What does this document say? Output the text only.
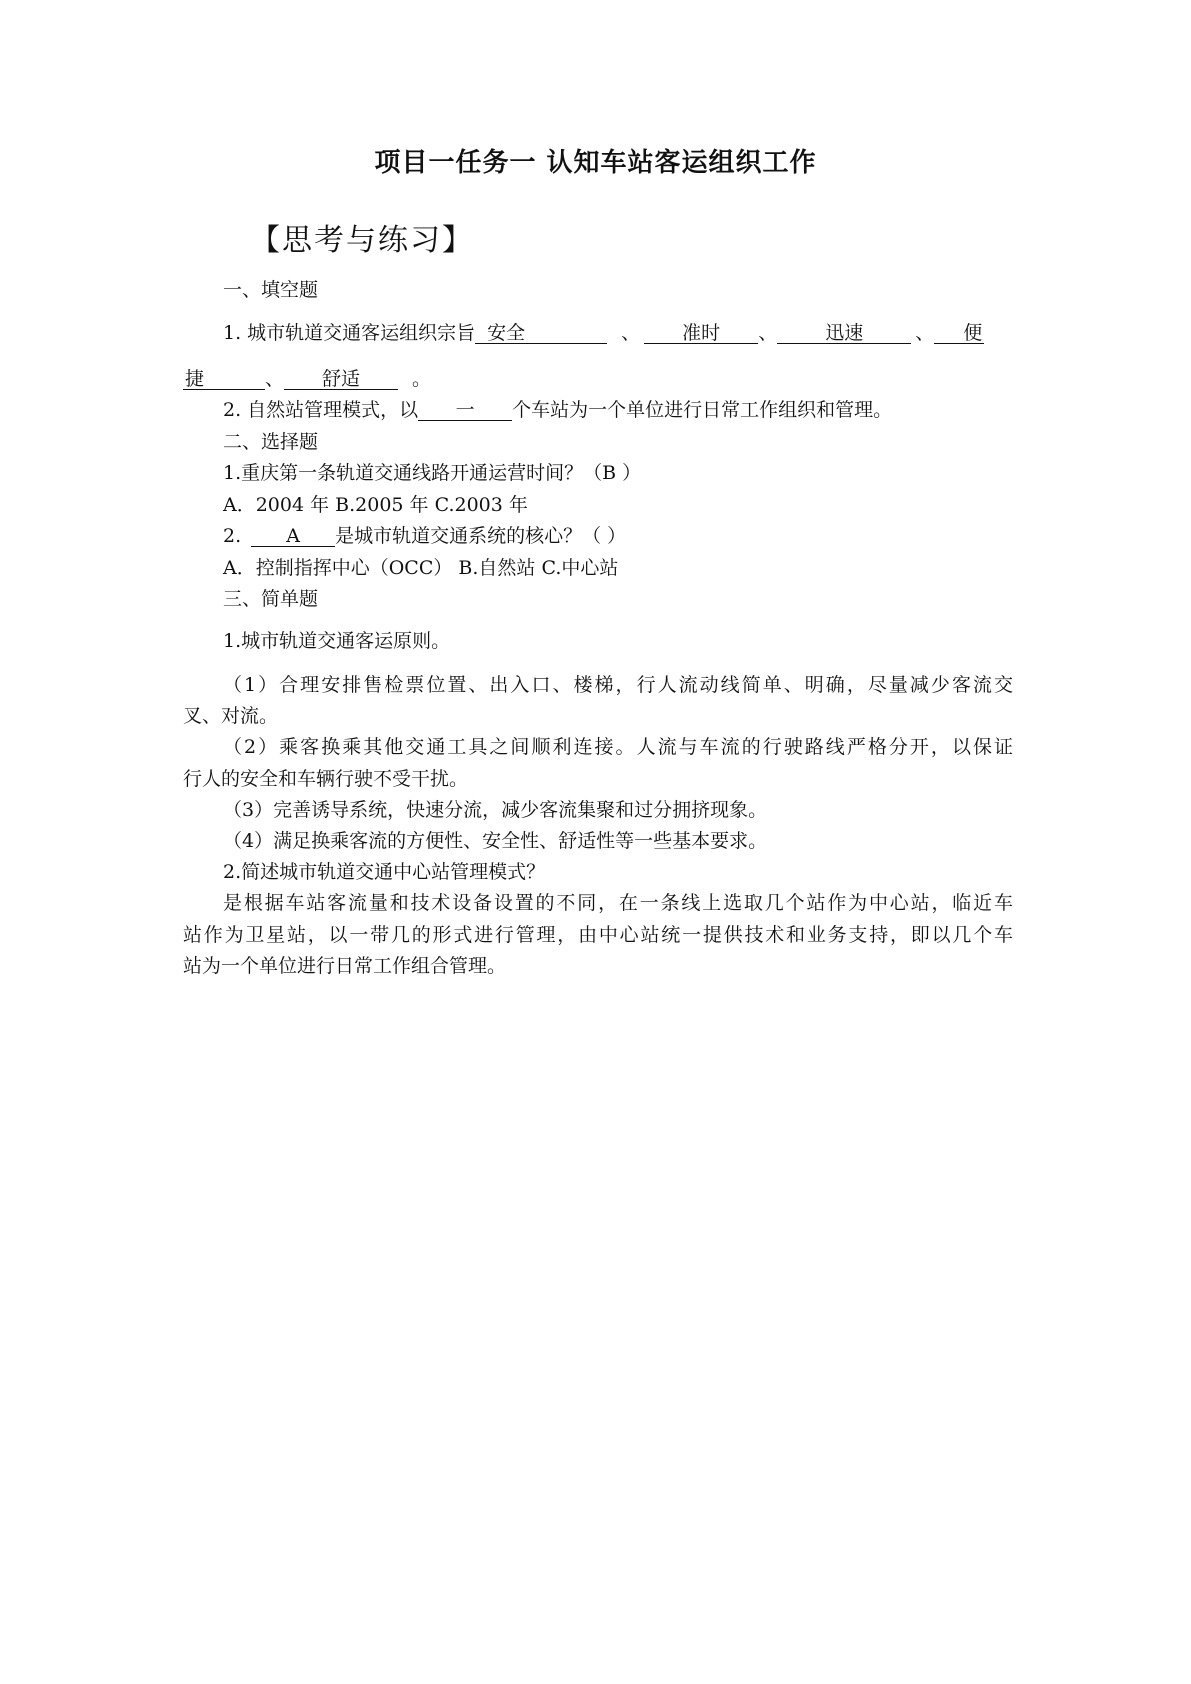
项目一任务一 认知车站客运组织工作
【思考与练习】
一、填空题
1. 城市轨道交通客运组织宗旨 安全	、 准时 、	迅速	、 便
捷	、 舒适	。
2. 自然站管理模式，以 一 个车站为一个单位进行日常工作组织和管理。
二、选择题
1.重庆第一条轨道交通线路开通运营时间？（B ）
A．2004 年 B.2005 年 C.2003 年
2. A 是城市轨道交通系统的核心？（ ）
A．控制指挥中心（OCC） B.自然站 C.中心站
三、简单题
1.城市轨道交通客运原则。
（1）合理安排售检票位置、出入口、楼梯，行人流动线简单、明确，尽量减少客流交
叉、对流。
（2）乘客换乘其他交通工具之间顺利连接。人流与车流的行驶路线严格分开，以保证
行人的安全和车辆行驶不受干扰。
（3）完善诱导系统，快速分流，减少客流集聚和过分拥挤现象。
（4）满足换乘客流的方便性、安全性、舒适性等一些基本要求。
2.简述城市轨道交通中心站管理模式？
是根据车站客流量和技术设备设置的不同，在一条线上选取几个站作为中心站，临近车
站作为卫星站，以一带几的形式进行管理，由中心站统一提供技术和业务支持，即以几个车
站为一个单位进行日常工作组合管理。
